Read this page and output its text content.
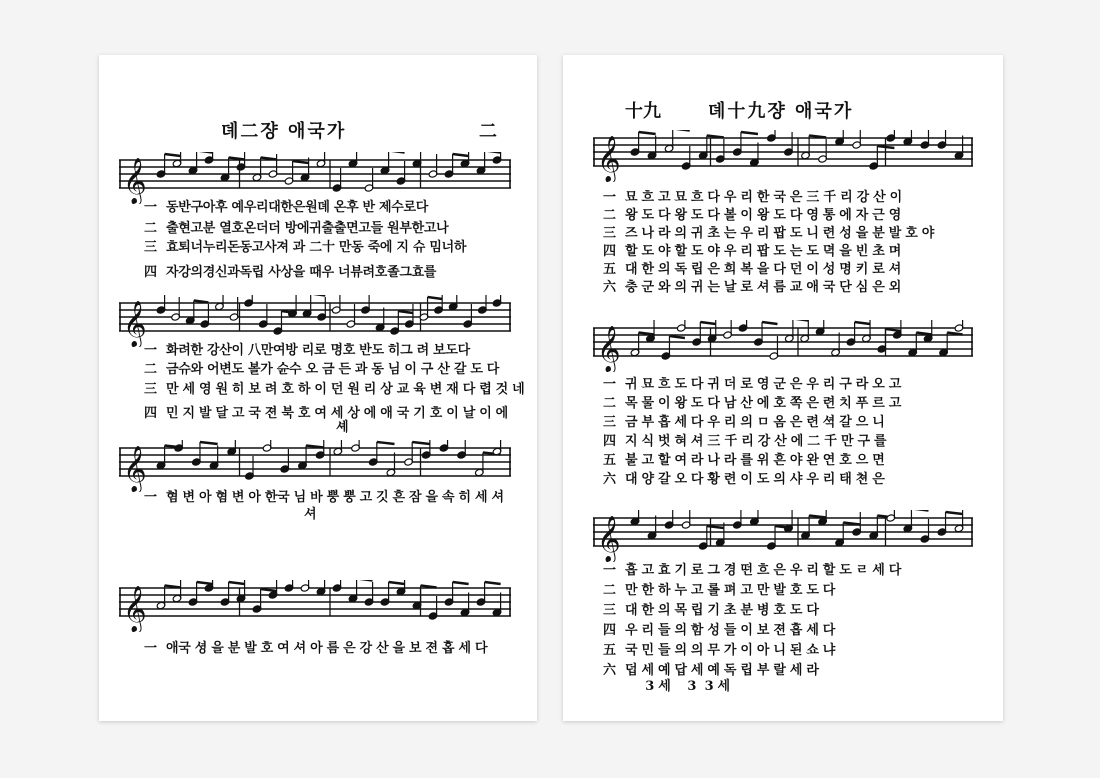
뎨二쟝 애국가	二
𝄞
一 동반구아후 예우리대한은원뎨 온후 반 제수로다
二 출현고분 열호온더더 방에귀출출면고들 원부한고나
三 효퇴너누리돈동고사져 과 二十 만동 죽에 지 슈 밈너하
四 자강의경신과독립 사상을 때우 너뷰려호졸그효를
𝄞
一 화려한 강산이 八만여방 리로 명호 반도 히그 려 보도다
二 금슈와 어변도 볼가 슌수 오 금 든 과 동 님 이 구 산 갈 도 다
三 만 세 영 원 히 보 려 호 하 이 던 원 리 상 교 육 변 재 다 렵 것 네
四 민 지 발 달 고 국 젼 북 호 여 세 상 에 애 국 기 호 이 날 이 에
셰
𝄞
一 혐 변 아 혐 변 아 한국 님 바 뿡 뿡 고 깃 흔 잠 을 속 히 세 셔
셔
𝄞
一 애국 셩 을 분 발 호 여 셔 아 름 은 강 산 을 보 젼 홉 세 다
十九	뎨十九쟝 애국가
𝄞
一 묘 흐 고 묘 흐 다 우 리 한 국 은 三 千 리 강 산 이
二 왕 도 다 왕 도 다 볼 이 왕 도 다 영 통 에 자 근 영
三 즈 나 라 의 귀 초 는 우 리 팝 도 니 련 성 을 분 발 호 야
四 할 도 야 할 도 야 우 리 팝 도 는 도 뎍 을 빈 초 며
五 대 한 의 독 립 은 희 복 을 다 던 이 성 명 키 로 셔
六 충 군 와 의 귀 는 날 로 셔 름 교 애 국 단 심 은 외
𝄞
一 귀 묘 흐 도 다 귀 더 로 영 군 은 우 리 구 라 오 고
二 목 물 이 왕 도 다 남 산 에 호 쪽 은 련 치 푸 르 고
三 금 부 흡 세 다 우 리 의 ㅁ 옴 은 련 셕 갈 으 니
四 지 식 벗 혀 셔 三 千 리 강 산 에 二 千 만 구 를
五 불 고 할 여 라 나 라 를 위 흔 야 완 연 호 으 면
六 대 양 갈 오 다 황 련 이 도 의 샤 우 리 태 쳔 은
𝄞
一 흡 고 효 기 로 그 경 떤 흐 은 우 리 할 도 ㄹ 세 다
二 만 한 하 누 고 롤 펴 고 만 발 호 도 다
三 대 한 의 목 립 기 초 분 병 호 도 다
四 우 리 들 의 함 성 들 이 보 젼 흡 세 다
五 국 민 들 의 의 무 가 이 아 니 된 쇼 냐
六 덥 세 예 답 세 예 독 립 부 랄 세 라
3 세    3  3 세
